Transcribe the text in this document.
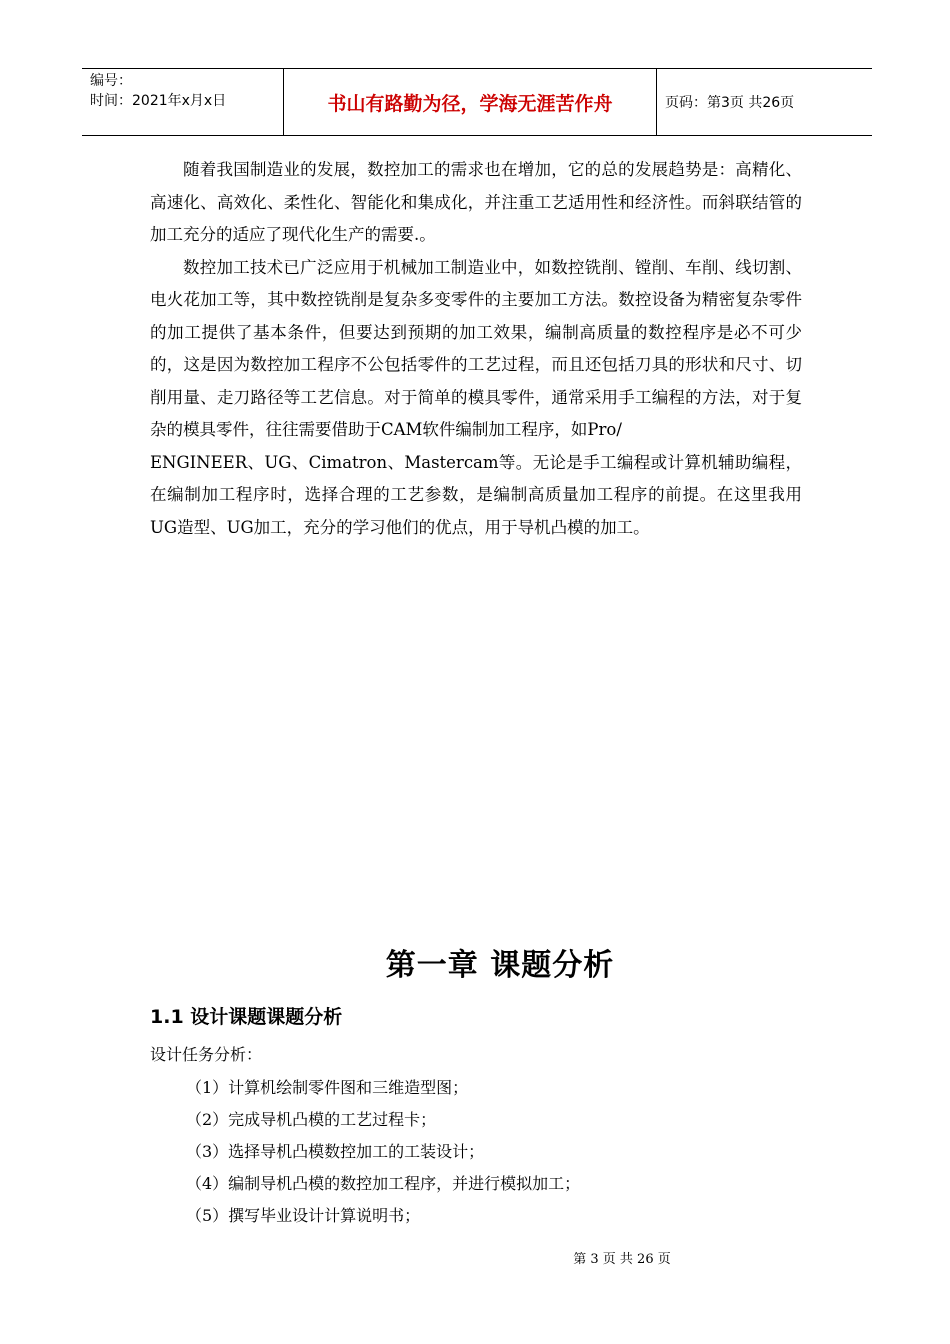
编号：
时间：2021年x月x日	书山有路勤为径，学海无涯苦作舟	页码：第3页 共26页

随着我国制造业的发展，数控加工的需求也在增加，它的总的发展趋势是：高精化、高速化、高效化、柔性化、智能化和集成化，并注重工艺适用性和经济性。而斜联结管的加工充分的适应了现代化生产的需要.。

数控加工技术已广泛应用于机械加工制造业中，如数控铣削、镗削、车削、线切割、电火花加工等，其中数控铣削是复杂多变零件的主要加工方法。数控设备为精密复杂零件的加工提供了基本条件，但要达到预期的加工效果，编制高质量的数控程序是必不可少的，这是因为数控加工程序不公包括零件的工艺过程，而且还包括刀具的形状和尺寸、切削用量、走刀路径等工艺信息。对于简单的模具零件，通常采用手工编程的方法，对于复杂的模具零件，往往需要借助于CAM软件编制加工程序，如Pro/

ENGINEER、UG、Cimatron、Mastercam等。无论是手工编程或计算机辅助编程，在编制加工程序时，选择合理的工艺参数，是编制高质量加工程序的前提。在这里我用UG造型、UG加工，充分的学习他们的优点，用于导机凸模的加工。

第一章 课题分析
1.1 设计课题课题分析
设计任务分析：
（1）计算机绘制零件图和三维造型图；
（2）完成导机凸模的工艺过程卡；
（3）选择导机凸模数控加工的工装设计；
（4）编制导机凸模的数控加工程序，并进行模拟加工；
（5）撰写毕业设计计算说明书；
第 3 页 共 26 页
